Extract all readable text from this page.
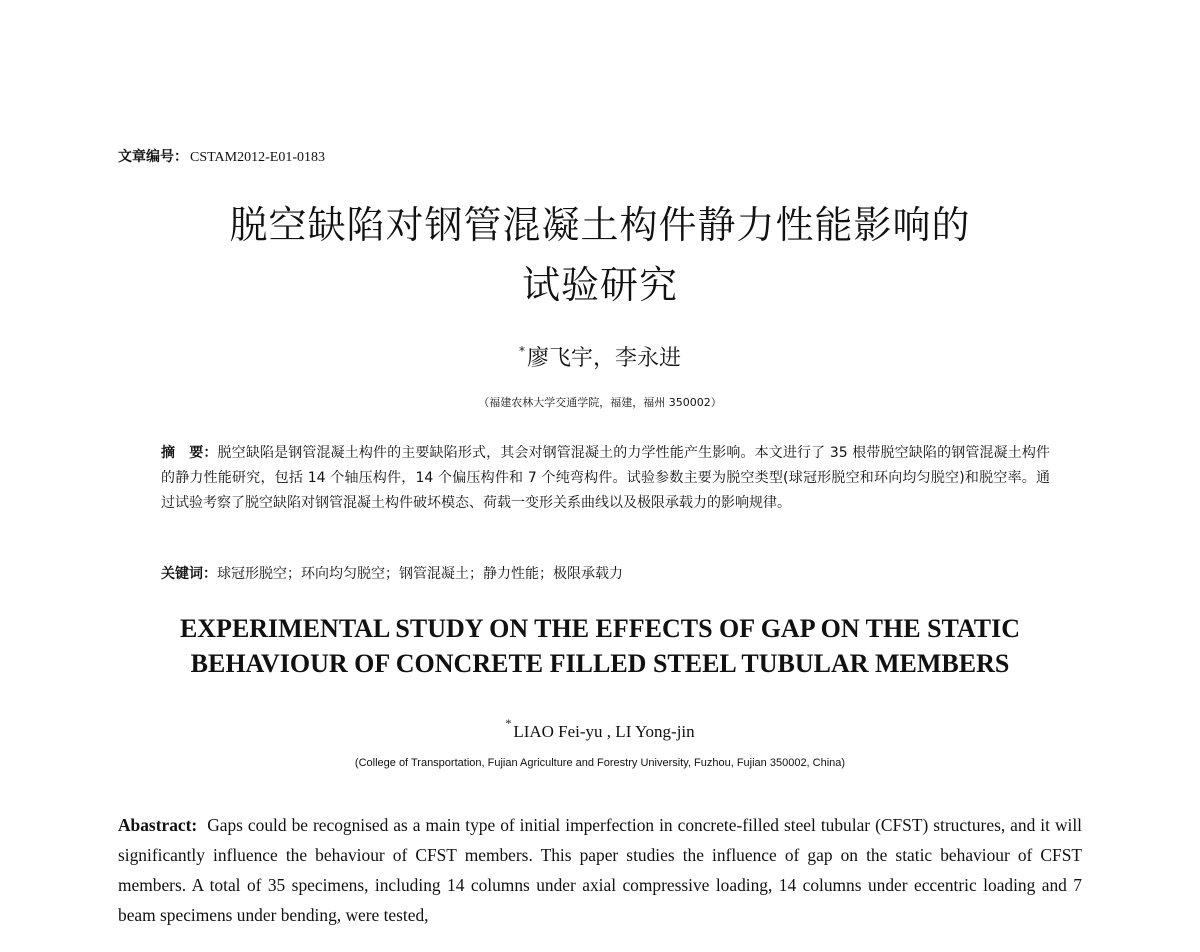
文章编号： CSTAM2012-E01-0183
脱空缺陷对钢管混凝土构件静力性能影响的
试验研究
*廖飞宇，李永进
（福建农林大学交通学院，福建，福州 350002）
摘　要：脱空缺陷是钢管混凝土构件的主要缺陷形式，其会对钢管混凝土的力学性能产生影响。本文进行了 35 根带脱空缺陷的钢管混凝土构件的静力性能研究，包括 14 个轴压构件，14 个偏压构件和 7 个纯弯构件。试验参数主要为脱空类型(球冠形脱空和环向均匀脱空)和脱空率。通过试验考察了脱空缺陷对钢管混凝土构件破坏模态、荷载一变形关系曲线以及极限承载力的影响规律。
关键词：球冠形脱空；环向均匀脱空；钢管混凝土；静力性能；极限承载力
EXPERIMENTAL STUDY ON THE EFFECTS OF GAP ON THE STATIC
BEHAVIOUR OF CONCRETE FILLED STEEL TUBULAR MEMBERS
* LIAO Fei-yu , LI Yong-jin
(College of Transportation, Fujian Agriculture and Forestry University, Fuzhou, Fujian 350002, China)
Abastract: Gaps could be recognised as a main type of initial imperfection in concrete-filled steel tubular (CFST) structures, and it will significantly influence the behaviour of CFST members. This paper studies the influence of gap on the static behaviour of CFST members. A total of 35 specimens, including 14 columns under axial compressive loading, 14 columns under eccentric loading and 7 beam specimens under bending, were tested,
